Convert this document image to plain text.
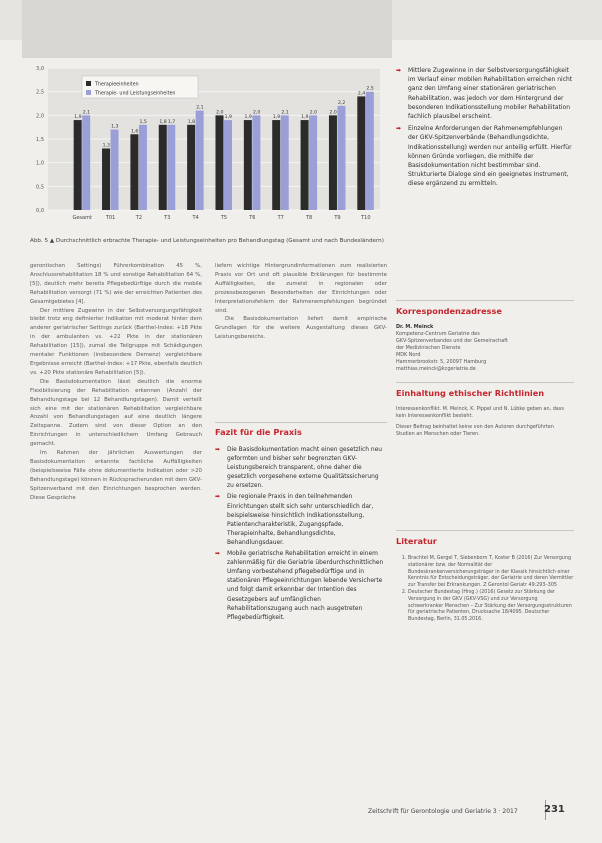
3,0
2,5
2,0
1,5
1,0
0,5
0,0
1,9
2,1
Gesamt
1,3
1,3
T01
1,6
1,5
T2
1,8 1,7
T3
1,8
2,1
T4
2,0
1,9
T5
1,9
2,0
T6
1,9
2,1
T7
1,9
2,0
T8
2,0
2,2
T9
2,4
2,5
T10
Therapieeinheiten
Therapie- und Leistungseinheiten
Abb. 5 ▲ Durchschnittlich erbrachte Therapie- und Leistungseinheiten pro Behandlungstag (Gesamt und nach Bundesländern)

gerontischen Settings) Führerkombination 45 %, Anschlussrehabilitation 18 % und sonstige Rehabilitation 64 %, [5]), deutlich mehr bereits Pflegebedürftige durch die mobile Rehabilitation versorgt (71 %) wie der erreichten Patienten des Gesamtgebietes [4].

Der mittlere Zugewinn in der Selbstversorgungsfähigkeit bleibt trotz eng definierter Indikation mit moderat hinter dem anderer geriatrischer Settings zurück (Barthel-Index: +18 Pkte in der ambulanten vs. +22 Pkte in der stationären Rehabilitation [15]), zumal die Teilgruppe mit Schädigungen mentaler Funktionen (insbesondere Demenz) vergleichbare Ergebnisse erreicht (Barthel-Index: +17 Pkte, ebenfalls deutlich vs. +20 Pkte stationäre Rehabilitation [5]).

Die Basisdokumentation lässt deutlich die enorme Flexibilisierung der Rehabilitation erkennen (Anzahl der Behandlungstage bei 12 Behandlungstagen). Damit verteilt sich eine mit der stationären Rehabilitation vergleichbare Anzahl von Behandlungstagen auf eine deutlich längere Zeitspanne. Zudem sind von dieser Option an den Einrichtungen in unterschiedlichem Umfang Gebrauch gemacht.

Im Rahmen der jährlichen Auswertungen der Basisdokumentation erkannte fachliche Auffälligkeiten (beispielsweise Fälle ohne dokumentierte Indikation oder >20 Behandlungstage) können in Rückspracherunden mit dem GKV-Spitzenverband mit den Einrichtungen besprochen werden. Diese Gespräche

liefern wichtige Hintergrundinformationen zum realisierten Praxis vor Ort und oft plausible Erklärungen für bestimmte Auffälligkeiten, die zumeist in regionalen oder prozessbezogenen Besonderheiten der Einrichtungen oder Interpretationsfehlern der Rahmenempfehlungen begründet sind.

Die Basisdokumentation liefert damit empirische Grundlagen für die weitere Ausgestaltung dieses GKV-Leistungsbereichs.

➡ Mittlere Zugewinne in der Selbstversorgungsfähigkeit im Verlauf einer mobilen Rehabilitation erreichen nicht ganz den Umfang einer stationären geriatrischen Rehabilitation, was jedoch vor dem Hintergrund der besonderen Indikationsstellung mobiler Rehabilitation fachlich plausibel erscheint.
➡ Einzelne Anforderungen der Rahmenempfehlungen der GKV-Spitzenverbände (Behandlungsdichte, Indikationsstellung) werden nur anteilig erfüllt. Hierfür können Gründe vorliegen, die mithilfe der Basisdokumentation nicht bestimmbar sind. Strukturierte Dialoge sind ein geeignetes Instrument, diese ergänzend zu ermitteln.
Korrespondenzadresse
Dr. M. Meinck
Kompetenz-Centrum Geriatrie des
GKV-Spitzenverbandes und der Gemeinschaft
der Medizinischen Dienste
MDK Nord
Hammerbrookstr. 5, 20097 Hamburg
matthias.meinck@kcgeriatrie.de
Einhaltung ethischer Richtlinien
Interessenkonflikt. M. Meinck, K. Pippel und N. Lübke geben an, dass kein Interessenkonflikt besteht.
Dieser Beitrag beinhaltet keine von den Autoren durchgeführten Studien an Menschen oder Tieren.
Literatur
1. Brachtel M, Gergel T, Siebenborn T, Koster B (2016) Zur Versorgung stationärer bzw. der Normalität der Bundeskrankenversicherungsträger in der Klassik hinsichtlich einer Kenntnis für Entscheidungsträger, der Geriatrie und deren Vermittler zur Transfer bei Erkrankungen. Z Gerontol Geriatr 49:293–305
2. Deutscher Bundestag (Hrsg.) (2016) Gesetz zur Stärkung der Versorgung in der GKV (GKV-VSG) und zur Versorgung schwerkranker Menschen – Zur Stärkung der Versorgungsstrukturen für geriatrische Patienten, Drucksache 18/4095. Deutscher Bundestag, Berlin, 31.05.2016.
Fazit für die Praxis
➡ Die Basisdokumentation macht einen gesetzlich neu geformten und bisher sehr begrenzten GKV-Leistungsbereich transparent, ohne daher die gesetzlich vorgesehene externe Qualitätssicherung zu ersetzen.
➡ Die regionale Praxis in den teilnehmenden Einrichtungen stellt sich sehr unterschiedlich dar, beispielsweise hinsichtlich Indikationsstellung, Patientencharakteristik, Zugangspfade, Therapieinhalte, Behandlungsdichte, Behandlungsdauer.
➡ Mobile geriatrische Rehabilitation erreicht in einem zahlenmäßig für die Geriatrie überdurchschnittlichen Umfang vorbestehend pflegebedürftige und in stationären Pflegeeinrichtungen lebende Versicherte und folgt damit erkennbar der Intention des Gesetzgebers auf umfänglichen Rehabilitationszugang auch nach ausgetreten Pflegebedürftigkeit.
Zeitschrift für Gerontologie und Geriatrie 3 · 2017	231
